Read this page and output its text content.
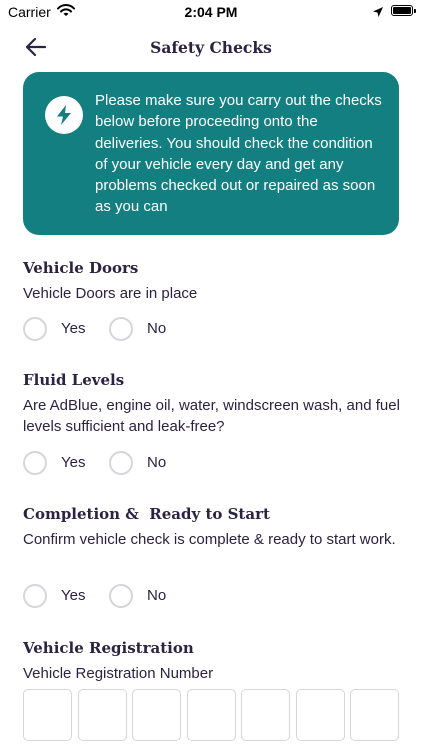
Carrier	2:04 PM
Safety Checks
Please make sure you carry out the checks below before proceeding onto the deliveries. You should check the condition of your vehicle every day and get any problems checked out or repaired as soon as you can
Vehicle Doors
Vehicle Doors are in place
Yes	No
Fluid Levels
Are AdBlue, engine oil, water, windscreen wash, and fuel levels sufficient and leak-free?
Yes	No
Completion &  Ready to Start
Confirm vehicle check is complete & ready to start work.
Yes	No
Vehicle Registration
Vehicle Registration Number
